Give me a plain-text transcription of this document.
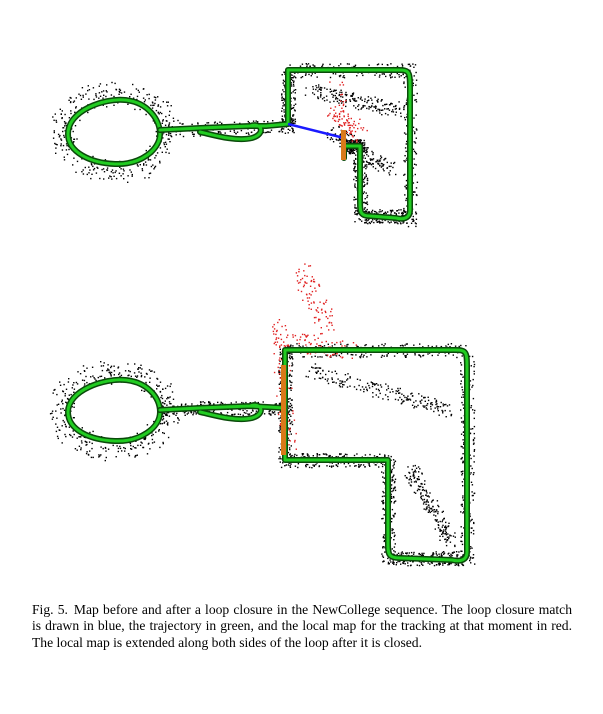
Fig. 5. Map before and after a loop closure in the NewCollege sequence. The loop closure match is drawn in blue, the trajectory in green, and the local map for the tracking at that moment in red. The local map is extended along both sides of the loop after it is closed.
